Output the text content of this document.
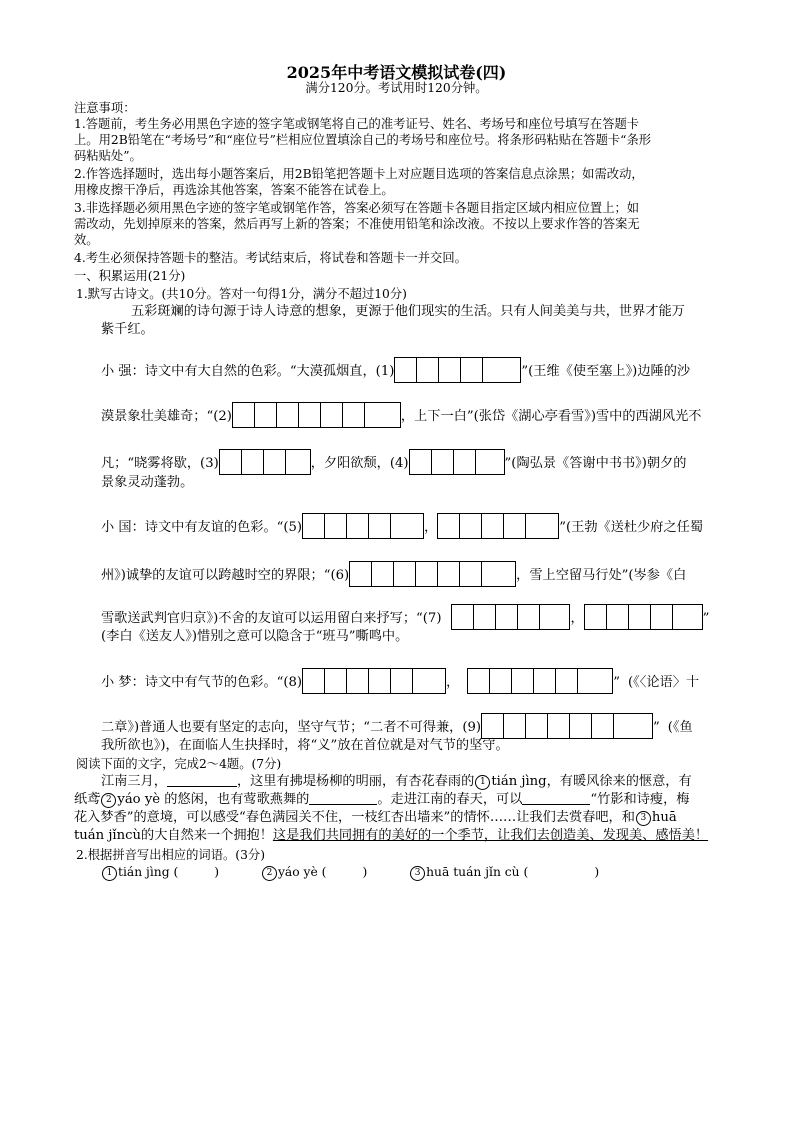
2025年中考语文模拟试卷(四)
满分120分。考试用时120分钟。
注意事项：
1.答题前，考生务必用黑色字迹的签字笔或钢笔将自己的准考证号、姓名、考场号和座位号填写在答题卡
上。用2B铅笔在“考场号”和“座位号”栏相应位置填涂自己的考场号和座位号。将条形码粘贴在答题卡“条形
码粘贴处”。
2.作答选择题时，选出每小题答案后，用2B铅笔把答题卡上对应题目选项的答案信息点涂黑；如需改动，
用橡皮擦干净后，再选涂其他答案，答案不能答在试卷上。
3.非选择题必须用黑色字迹的签字笔或钢笔作答，答案必须写在答题卡各题目指定区域内相应位置上；如
需改动，先划掉原来的答案，然后再写上新的答案；不准使用铅笔和涂改液。不按以上要求作答的答案无
效。
4.考生必须保持答题卡的整洁。考试结束后，将试卷和答题卡一并交回。
一、积累运用(21分)
1.默写古诗文。(共10分。答对一句得1分，满分不超过10分)
五彩斑斓的诗句源于诗人诗意的想象，更源于他们现实的生活。只有人间美美与共，世界才能万
紫千红。
小 强：诗文中有大自然的色彩。“大漠孤烟直，(1)	”(王维《使至塞上》)边陲的沙
漠景象壮美雄奇；“(2)	，上下一白”(张岱《湖心亭看雪》)雪中的西湖风光不
凡；“晓雾将歇，(3)	，夕阳欲颓，(4)	”(陶弘景《答谢中书书》)朝夕的
景象灵动蓬勃。
小 国：诗文中有友谊的色彩。“(5)	，	”(王勃《送杜少府之任蜀
州》)诚挚的友谊可以跨越时空的界限；“(6)	，雪上空留马行处”(岑参《白
雪歌送武判官归京》)不舍的友谊可以运用留白来抒写；“(7)	，	”
(李白《送友人》)惜别之意可以隐含于“班马”嘶鸣中。
小 梦：诗文中有气节的色彩。“(8)	，	” (《〈论语〉十
二章》)普通人也要有坚定的志向，坚守气节；“二者不可得兼，(9)	” (《鱼
我所欲也》)，在面临人生抉择时，将“义”放在首位就是对气节的坚守。
阅读下面的文字，完成2～4题。(7分)
江南三月，	，这里有拂堤杨柳的明丽，有杏花春雨的 1 tián jìng，有暖风徐来的惬意，有
纸鸢 2 yáo yè 的悠闲，也有莺歌燕舞的	。走进江南的春天，可以	“竹影和诗瘦，梅
花入梦香”的意境，可以感受“春色满园关不住，一枝红杏出墙来”的情怀……让我们去赏春吧，和 3 huā
tuán jǐncù的大自然来一个拥抱！这是我们共同拥有的美好的一个季节，让我们去创造美、发现美、感悟美！
2.根据拼音写出相应的词语。(3分)
1 tián jìng (	)	2 yáo yè (	)	3 huā tuán jǐn cù (	)
